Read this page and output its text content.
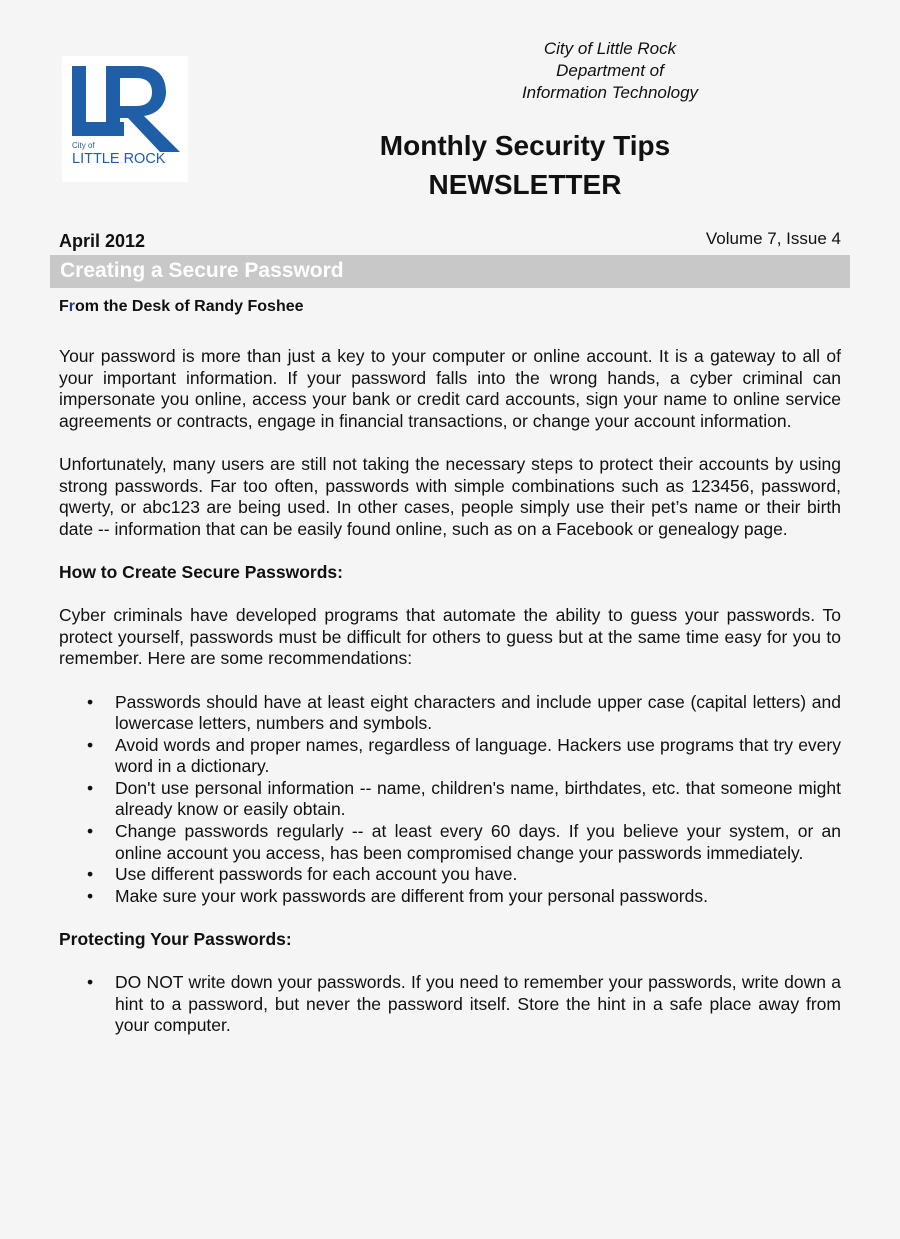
City of
LITTLE ROCK
City of Little Rock
Department of
Information Technology
Monthly Security Tips
NEWSLETTER
April 2012	Volume 7, Issue 4
Creating a Secure Password
From the Desk of Randy Foshee

Your password is more than just a key to your computer or online account. It is a gateway to all of your important information. If your password falls into the wrong hands, a cyber criminal can impersonate you online, access your bank or credit card accounts, sign your name to online service agreements or contracts, engage in financial transactions, or change your account information.

Unfortunately, many users are still not taking the necessary steps to protect their accounts by using strong passwords. Far too often, passwords with simple combinations such as 123456, password, qwerty, or abc123 are being used. In other cases, people simply use their pet’s name or their birth date -- information that can be easily found online, such as on a Facebook or genealogy page.

How to Create Secure Passwords:

Cyber criminals have developed programs that automate the ability to guess your passwords. To protect yourself, passwords must be difficult for others to guess but at the same time easy for you to remember. Here are some recommendations:

• Passwords should have at least eight characters and include upper case (capital letters) and lowercase letters, numbers and symbols.
• Avoid words and proper names, regardless of language. Hackers use programs that try every word in a dictionary.
• Don't use personal information -- name, children's name, birthdates, etc. that someone might already know or easily obtain.
• Change passwords regularly -- at least every 60 days. If you believe your system, or an online account you access, has been compromised change your passwords immediately.
• Use different passwords for each account you have.
• Make sure your work passwords are different from your personal passwords.
Protecting Your Passwords:
• DO NOT write down your passwords. If you need to remember your passwords, write down a hint to a password, but never the password itself. Store the hint in a safe place away from your computer.
